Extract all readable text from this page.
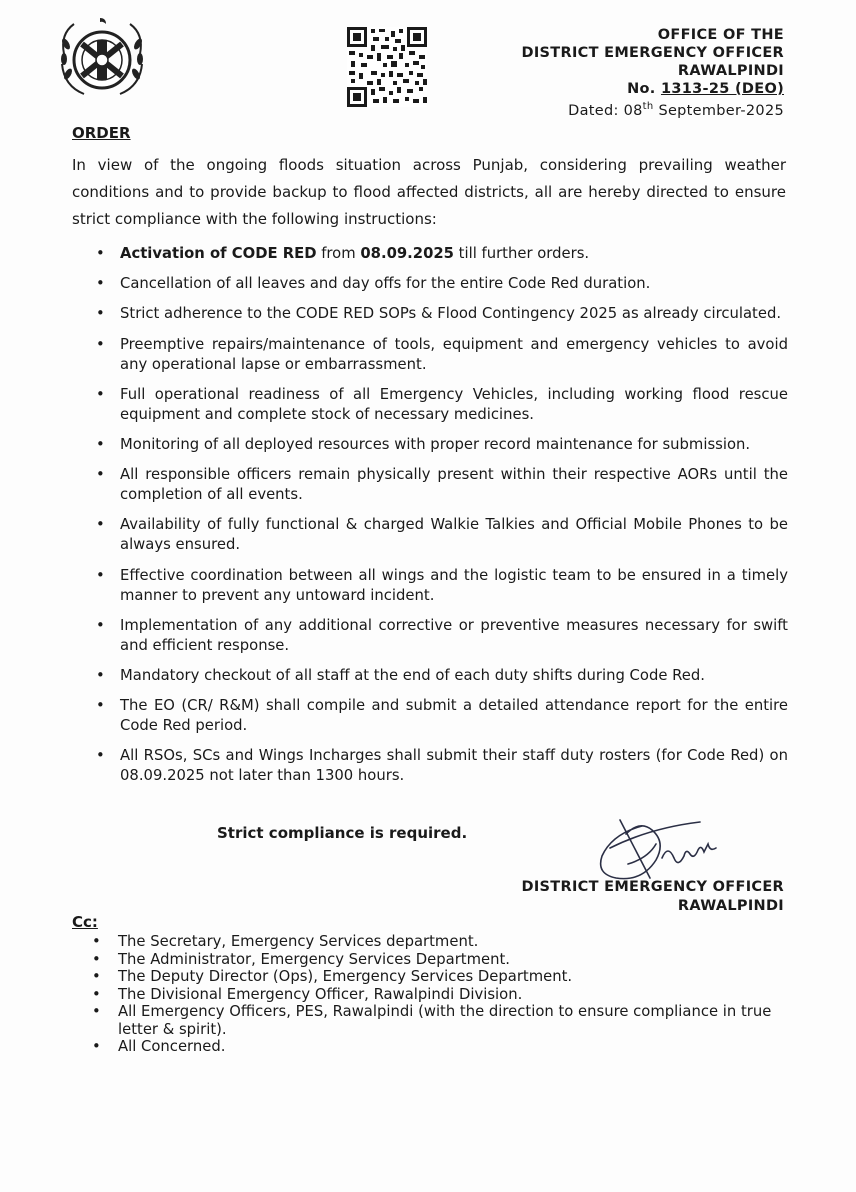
OFFICE OF THE
DISTRICT EMERGENCY OFFICER
RAWALPINDI
No. 1313-25 (DEO)
Dated: 08th September-2025
ORDER
In view of the ongoing floods situation across Punjab, considering prevailing weather conditions and to provide backup to flood affected districts, all are hereby directed to ensure strict compliance with the following instructions:
• Activation of CODE RED from 08.09.2025 till further orders.
• Cancellation of all leaves and day offs for the entire Code Red duration.
• Strict adherence to the CODE RED SOPs & Flood Contingency 2025 as already circulated.
• Preemptive repairs/maintenance of tools, equipment and emergency vehicles to avoid any operational lapse or embarrassment.
• Full operational readiness of all Emergency Vehicles, including working flood rescue equipment and complete stock of necessary medicines.
• Monitoring of all deployed resources with proper record maintenance for submission.
• All responsible officers remain physically present within their respective AORs until the completion of all events.
• Availability of fully functional & charged Walkie Talkies and Official Mobile Phones to be always ensured.
• Effective coordination between all wings and the logistic team to be ensured in a timely manner to prevent any untoward incident.
• Implementation of any additional corrective or preventive measures necessary for swift and efficient response.
• Mandatory checkout of all staff at the end of each duty shifts during Code Red.
• The EO (CR/ R&M) shall compile and submit a detailed attendance report for the entire Code Red period.
• All RSOs, SCs and Wings Incharges shall submit their staff duty rosters (for Code Red) on 08.09.2025 not later than 1300 hours.
Strict compliance is required.
DISTRICT EMERGENCY OFFICER
RAWALPINDI
Cc:
• The Secretary, Emergency Services department.
• The Administrator, Emergency Services Department.
• The Deputy Director (Ops), Emergency Services Department.
• The Divisional Emergency Officer, Rawalpindi Division.
• All Emergency Officers, PES, Rawalpindi (with the direction to ensure compliance in true letter & spirit).
• All Concerned.
